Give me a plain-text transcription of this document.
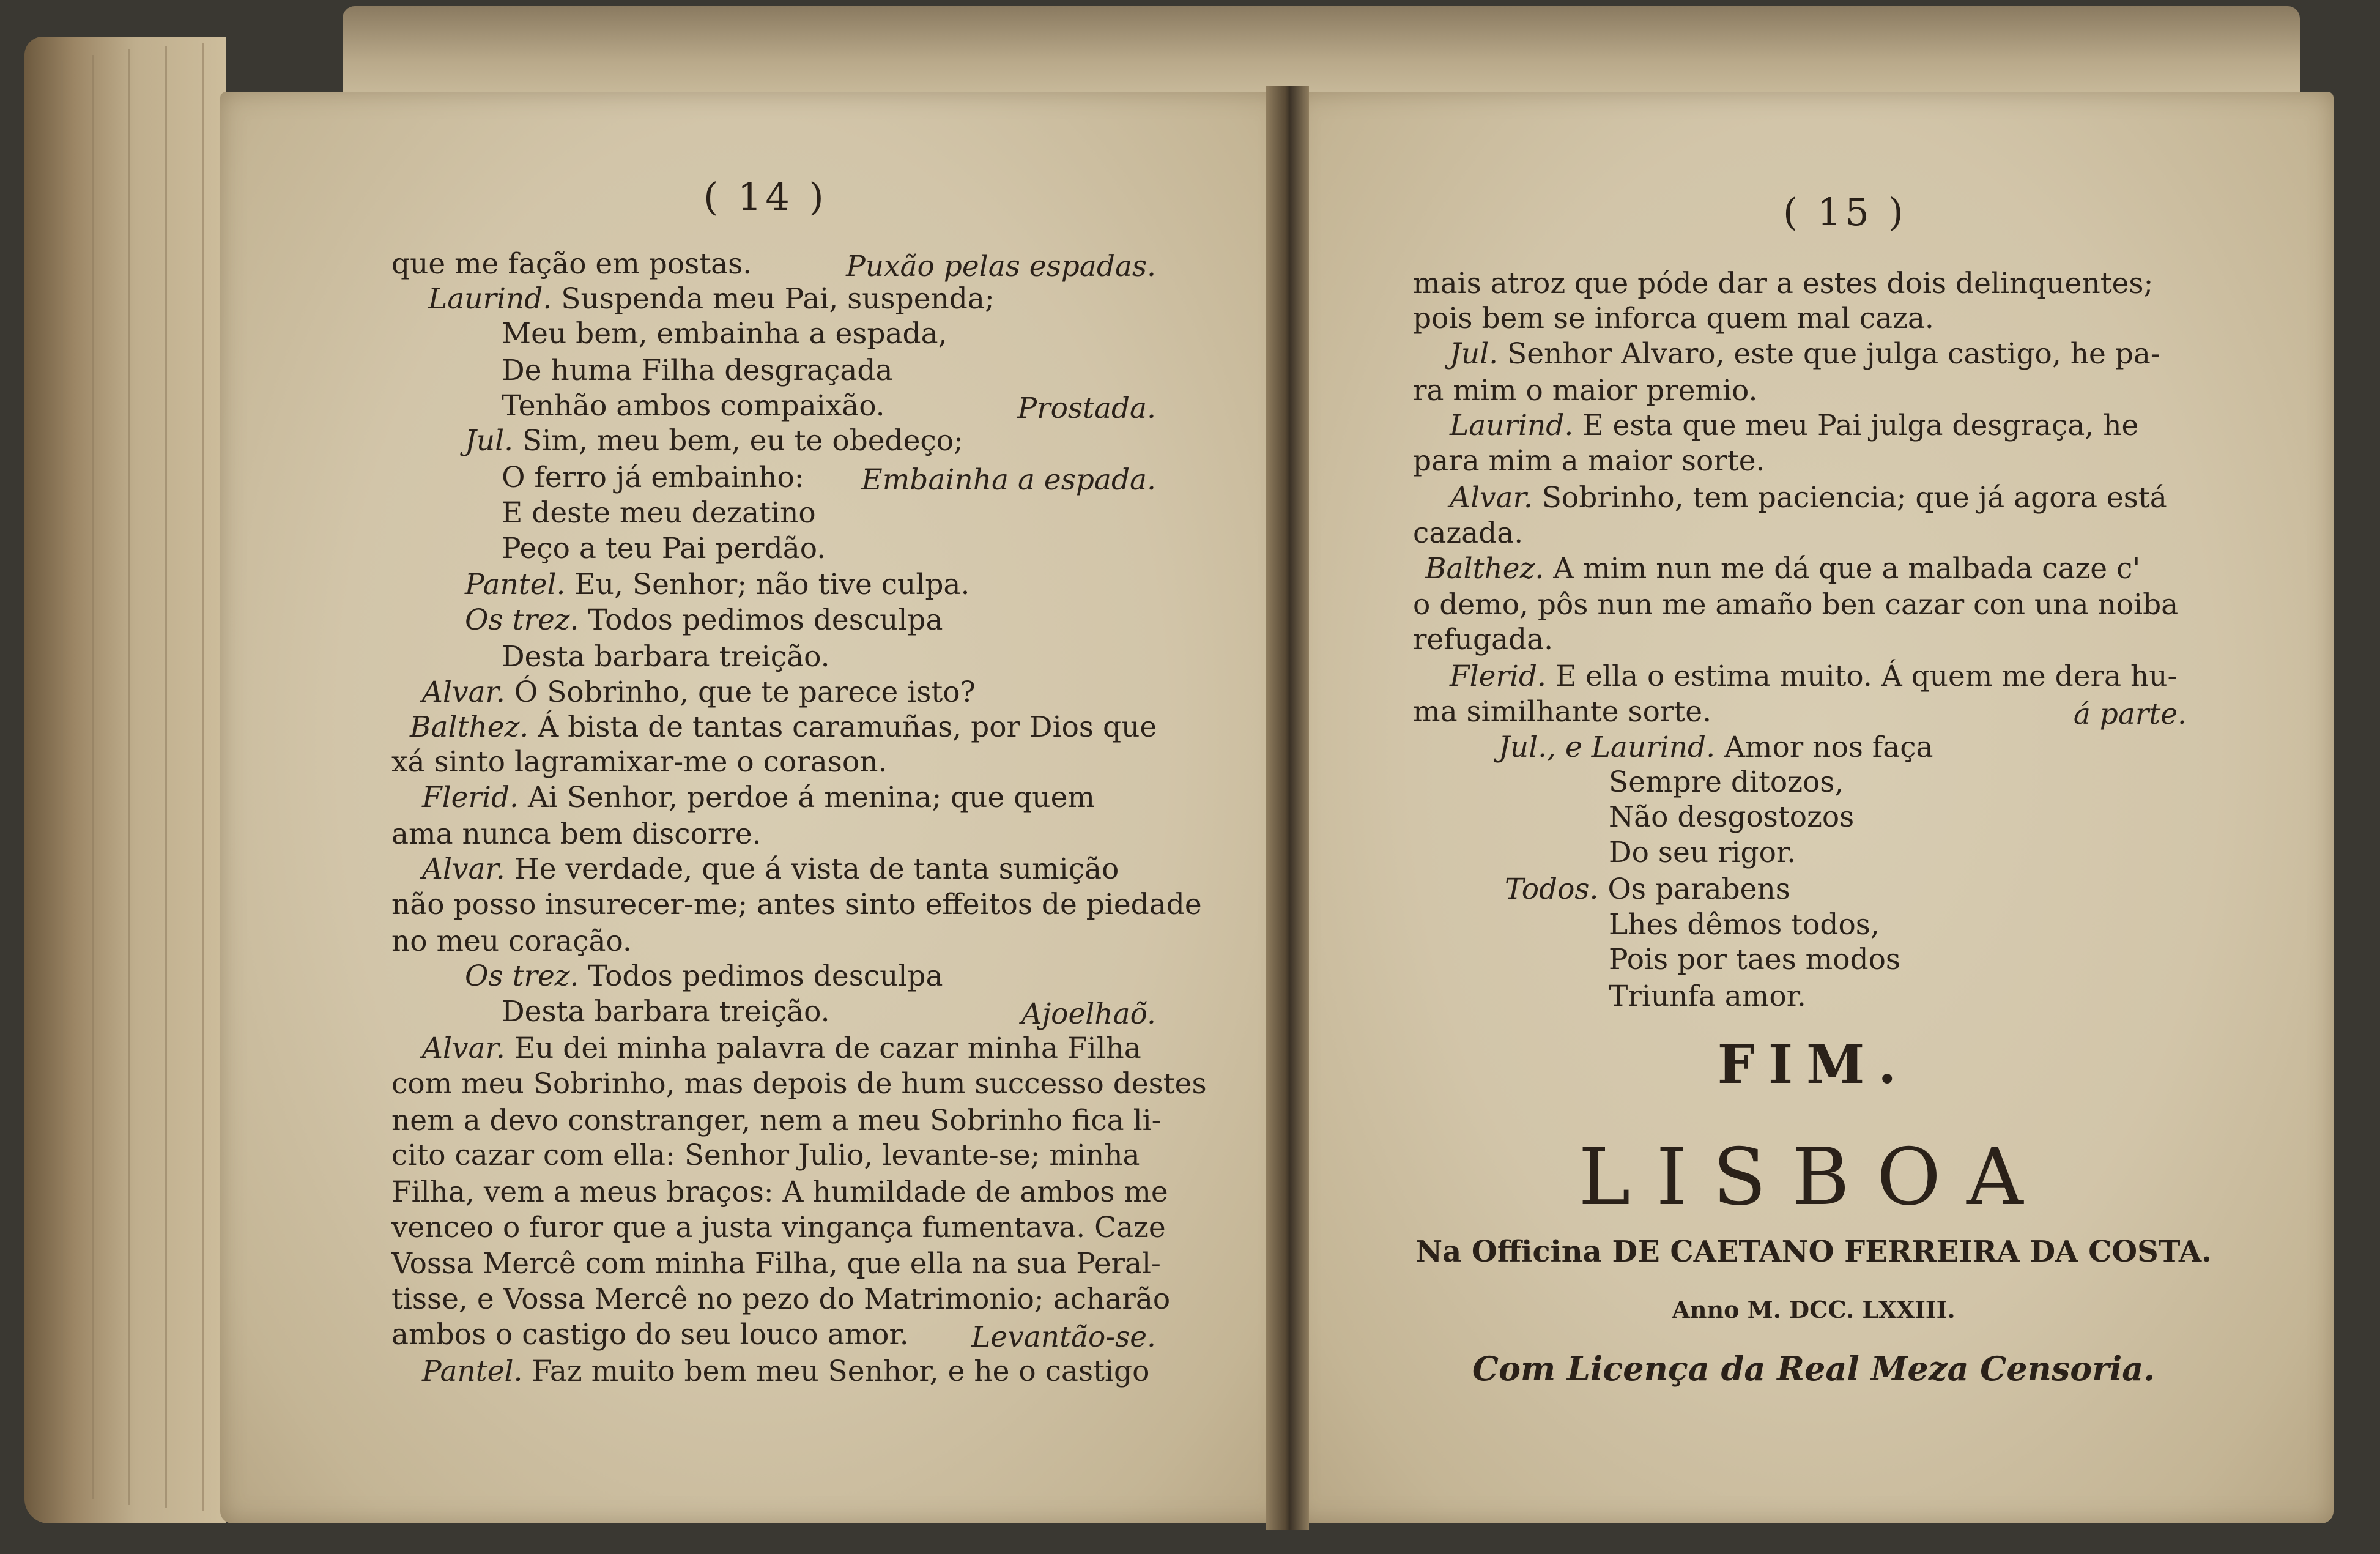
( 14 )	( 15 )
que me fação em postas.	Puxão pelas espadas.
Laurind. Suspenda meu Pai, suspenda;
Meu bem, embainha a espada,
De huma Filha desgraçada
Tenhão ambos compaixão.	Prostada.
Jul. Sim, meu bem, eu te obedeço;
O ferro já embainho: Embainha a espada.
E deste meu dezatino
Peço a teu Pai perdão.
Pantel. Eu, Senhor; não tive culpa.
Os trez. Todos pedimos desculpa
Desta barbara treição.
Alvar. Ó Sobrinho, que te parece isto?
Balthez. Á bista de tantas caramuñas, por Dios que
xá sinto lagramixar-me o corason.
Flerid. Ai Senhor, perdoe á menina; que quem
ama nunca bem discorre.
Alvar. He verdade, que á vista de tanta sumição
não posso insurecer-me; antes sinto effeitos de piedade
no meu coração.
Os trez. Todos pedimos desculpa
Desta barbara treição.	Ajoelhaõ.
Alvar. Eu dei minha palavra de cazar minha Filha
com meu Sobrinho, mas depois de hum successo destes
nem a devo constranger, nem a meu Sobrinho fica li-
cito cazar com ella: Senhor Julio, levante-se; minha
Filha, vem a meus braços: A humildade de ambos me
venceo o furor que a justa vingança fumentava. Caze
Vossa Mercê com minha Filha, que ella na sua Peral-
tisse, e Vossa Mercê no pezo do Matrimonio; acharão
ambos o castigo do seu louco amor. Levantão-se.
Pantel. Faz muito bem meu Senhor, e he o castigo
mais atroz que póde dar a estes dois delinquentes;
pois bem se inforca quem mal caza.
Jul. Senhor Alvaro, este que julga castigo, he pa-
ra mim o maior premio.
Laurind. E esta que meu Pai julga desgraça, he
para mim a maior sorte.
Alvar. Sobrinho, tem paciencia; que já agora está
cazada.
Balthez. A mim nun me dá que a malbada caze c'
o demo, pôs nun me amaño ben cazar con una noiba
refugada.
Flerid. E ella o estima muito. Á quem me dera hu-
ma similhante sorte.	á parte.
Jul., e Laurind. Amor nos faça
Sempre ditozos,
Não desgostozos
Do seu rigor.
Todos. Os parabens
Lhes dêmos todos,
Pois por taes modos
Triunfa amor.
FIM.
LISBOA
Na Officina DE CAETANO FERREIRA DA COSTA.
Anno M. DCC. LXXIII.
Com Licença da Real Meza Censoria.
